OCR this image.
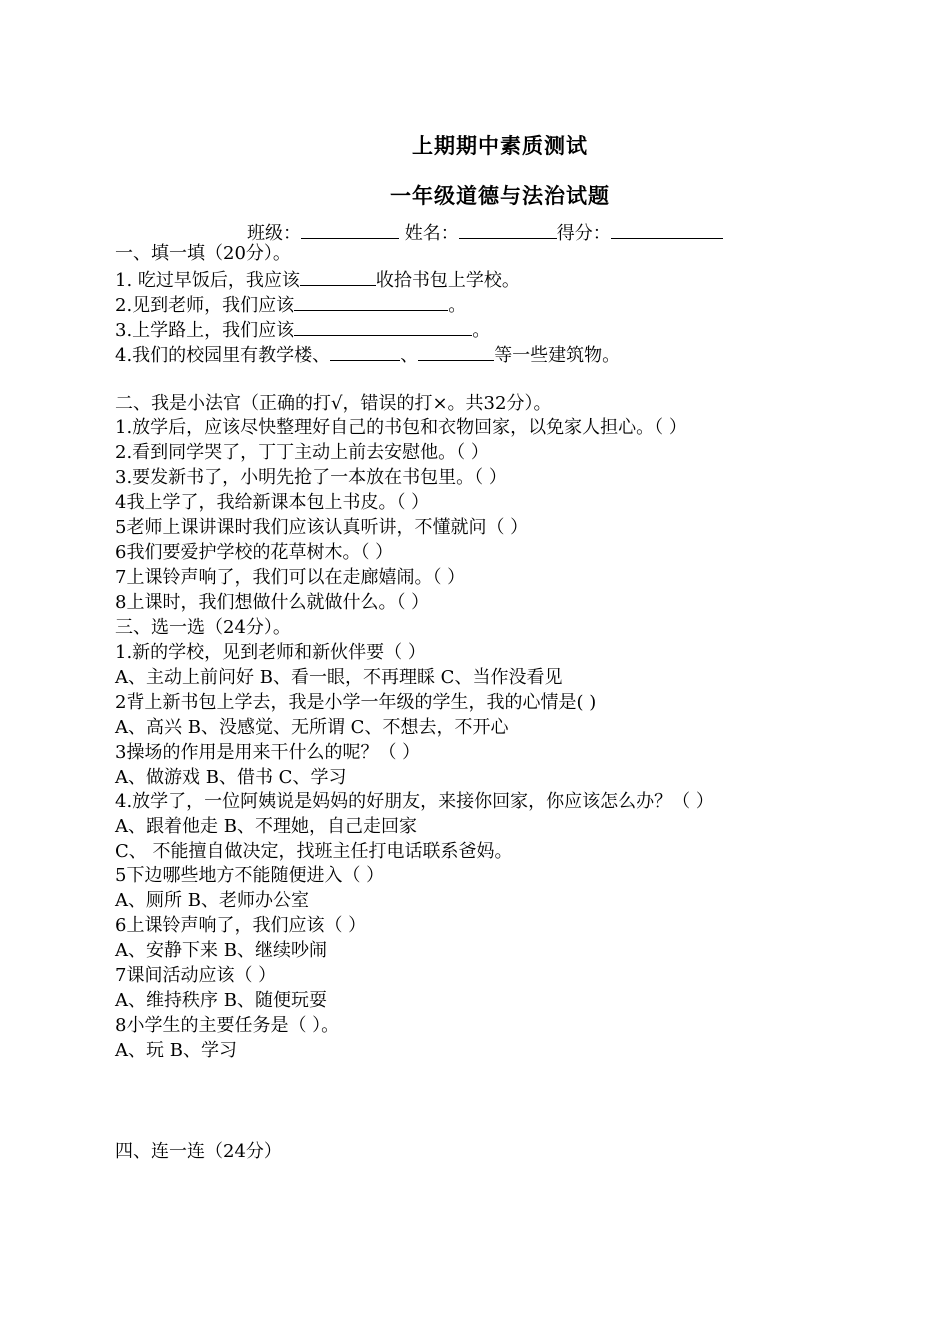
上期期中素质测试
一年级道德与法治试题
班级：	姓名：	得分：
一、填一填（20分）。
1. 吃过早饭后，我应该	收拾书包上学校。
2.见到老师，我们应该	。
3.上学路上，我们应该	。
4.我们的校园里有教学楼、	、	等一些建筑物。
二、我是小法官（正确的打√，错误的打×。共32分）。
1.放学后，应该尽快整理好自己的书包和衣物回家，以免家人担心。（ ）
2.看到同学哭了，丁丁主动上前去安慰他。（ ）
3.要发新书了，小明先抢了一本放在书包里。（ ）
4我上学了，我给新课本包上书皮。（ ）
5老师上课讲课时我们应该认真听讲，不懂就问（ ）
6我们要爱护学校的花草树木。（ ）
7上课铃声响了，我们可以在走廊嬉闹。（ ）
8上课时，我们想做什么就做什么。（ ）
三、选一选（24分）。
1.新的学校，见到老师和新伙伴要（ ）
A、主动上前问好 B、看一眼，不再理睬 C、当作没看见
2背上新书包上学去，我是小学一年级的学生，我的心情是( )
A、高兴 B、没感觉、无所谓 C、不想去，不开心
3操场的作用是用来干什么的呢？（ ）
A、做游戏 B、借书 C、学习
4.放学了，一位阿姨说是妈妈的好朋友，来接你回家，你应该怎么办？（ ）
A、跟着他走 B、不理她，自己走回家
C、 不能擅自做决定，找班主任打电话联系爸妈。
5下边哪些地方不能随便进入（ ）
A、厕所 B、老师办公室
6上课铃声响了，我们应该（ ）
A、安静下来 B、继续吵闹
7课间活动应该（ ）
A、维持秩序 B、随便玩耍
8小学生的主要任务是（ ）。
A、玩 B、学习
四、连一连（24分）
